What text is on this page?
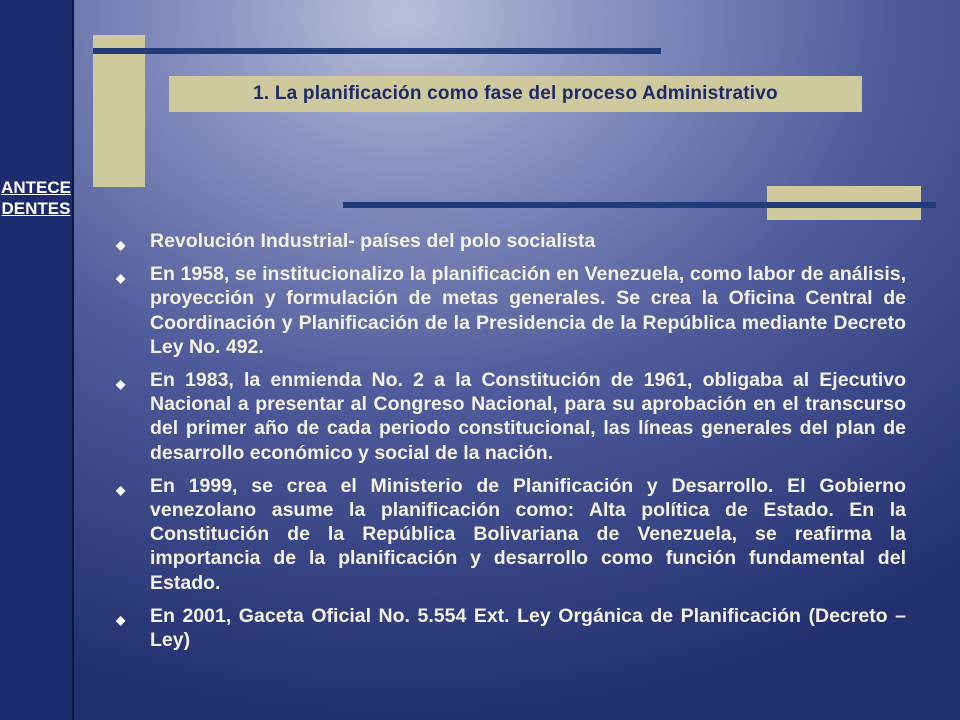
ANTECEDENTES
1. La planificación como fase del proceso Administrativo
◆ Revolución Industrial- países del polo socialista
◆ En 1958, se institucionalizo la planificación en Venezuela, como labor de análisis, proyección y formulación de metas generales. Se crea la Oficina Central de Coordinación y Planificación de la Presidencia de la República mediante Decreto Ley No. 492.
◆ En 1983, la enmienda No. 2 a la Constitución de 1961, obligaba al Ejecutivo Nacional a presentar al Congreso Nacional, para su aprobación en el transcurso del primer año de cada periodo constitucional, las líneas generales del plan de desarrollo económico y social de la nación.
◆ En 1999, se crea el Ministerio de Planificación y Desarrollo. El Gobierno venezolano asume la planificación como: Alta política de Estado. En la Constitución de la República Bolivariana de Venezuela, se reafirma la importancia de la planificación y desarrollo como función fundamental del Estado.
◆ En 2001, Gaceta Oficial No. 5.554 Ext. Ley Orgánica de Planificación (Decreto – Ley)
